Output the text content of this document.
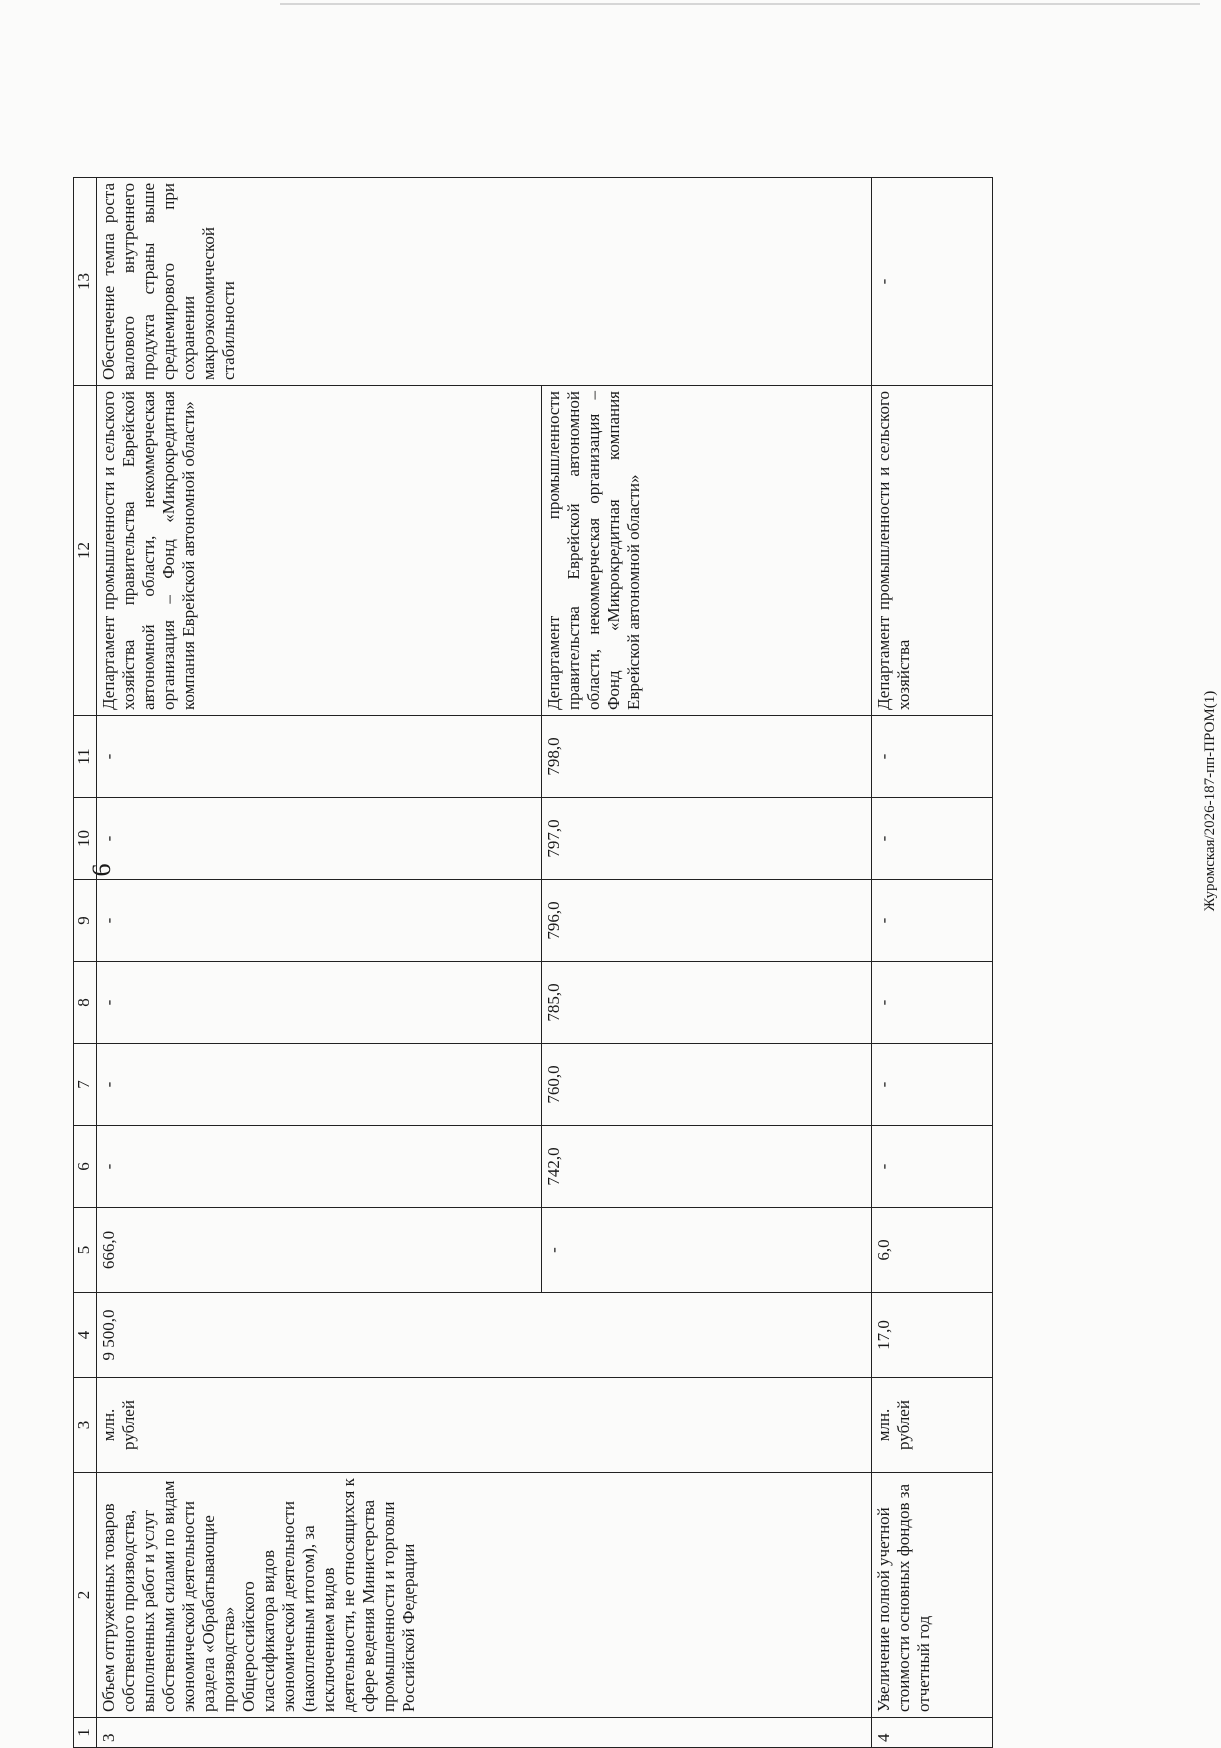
6
1	2	3	4	5	6	7	8	9	10	11	12	13
3	Объем отгруженных товаров собственного производства, выполненных работ и услуг собственными силами по видам экономической деятельности раздела «Обрабатывающие производства» Общероссийского классификатора видов экономической деятельности (накопленным итогом), за исключением видов деятельности, не относящихся к сфере ведения Министерства промышленности и торговли Российской Федерации	млн. рублей	9 500,0	666,0	-	-	-	-	-	-	Департамент промышленности и сельского хозяйства правительства Еврейской автономной области, некоммерческая организация – Фонд «Микрокредитная компания Еврейской автономной области»	Обеспечение темпа роста валового внутреннего продукта страны выше среднемирового при сохранении макроэкономической стабильности
				-	742,0	760,0	785,0	796,0	797,0	798,0	Департамент промышленности правительства Еврейской автономной области, некоммерческая организация – Фонд «Микрокредитная компания Еврейской автономной области»	
4	Увеличение полной учетной стоимости основных фондов за отчетный год	млн. рублей	17,0	6,0	-	-	-	-	-	-	Департамент промышленности и сельского хозяйства	-
Журомская/2026-187-пп-ПРОМ(1)
